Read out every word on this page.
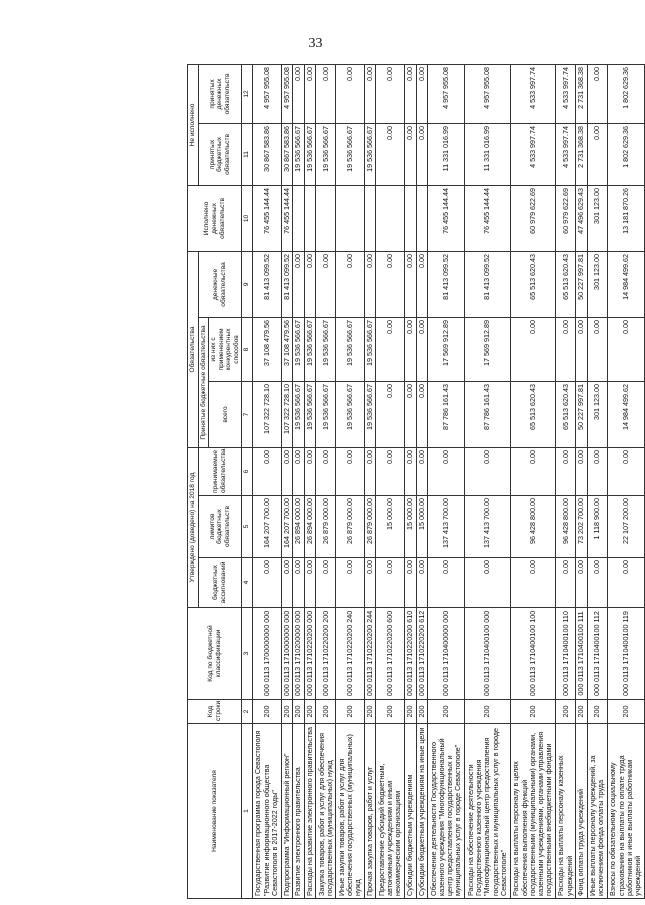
33
Наименование показателя	Код строки	Код по бюджетной классификации	Утверждено (доведено) на 2018 год			Обязательства			Исполнено денежных обязательств	Не исполнено	
			бюджетных ассигнований	лимитов бюджетных обязательств	принимаемые обязательства	Принятые бюджетные обязательства		денежные обязательства		принятых бюджетных обязательств	принятых денежных обязательств
						всего	из них с применением конкурентных способов				
1	2	3	4	5	6	7	8	9	10	11	12
Государственная программа города Севастополя "Развитие информационного общества Севастополя в 2017-2022 годы"	200	000 0113 1700000000 000	0.00	164 207 700.00	0.00	107 322 728.10	37 108 479.56	81 413 099.52	76 455 144.44	30 867 583.86	4 957 955.08
Подпрограмма "Информационный регион"	200	000 0113 1710000000 000	0.00	164 207 700.00	0.00	107 322 728.10	37 108 479.56	81 413 099.52	76 455 144.44	30 867 583.86	4 957 955.08
Развитие электронного правительства	200	000 0113 1710200000 000	0.00	26 894 000.00	0.00	19 536 566.67	19 536 566.67	0.00		19 536 566.67	0.00
Расходы на развитие электронного правительства	200	000 0113 1710220200 000	0.00	26 894 000.00	0.00	19 536 566.67	19 536 566.67	0.00		19 536 566.67	0.00
Закупка товаров, работ и услуг для обеспечения государственных (муниципальных) нужд	200	000 0113 1710220200 200	0.00	26 879 000.00	0.00	19 536 566.67	19 536 566.67	0.00		19 536 566.67	0.00
Иные закупки товаров, работ и услуг для обеспечения государственных (муниципальных) нужд	200	000 0113 1710220200 240	0.00	26 879 000.00	0.00	19 536 566.67	19 536 566.67	0.00		19 536 566.67	0.00
Прочая закупка товаров, работ и услуг	200	000 0113 1710220200 244	0.00	26 879 000.00	0.00	19 536 566.67	19 536 566.67	0.00		19 536 566.67	0.00
Предоставление субсидий бюджетным, автономным учреждениям и иным некоммерческим организациям	200	000 0113 1710220200 600	0.00	15 000.00	0.00	0.00	0.00	0.00		0.00	0.00
Субсидии бюджетным учреждениям	200	000 0113 1710220200 610	0.00	15 000.00	0.00	0.00	0.00	0.00		0.00	0.00
Субсидии бюджетным учреждениям на иные цели	200	000 0113 1710220200 612	0.00	15 000.00	0.00	0.00	0.00	0.00		0.00	0.00
Обеспечение деятельности Государственного казенного учреждения "Многофункциональный центр предоставления государственных и муниципальных услуг в городе Севастополе"	200	000 0113 1710400000 000	0.00	137 413 700.00	0.00	87 786 161.43	17 569 912.89	81 413 099.52	76 455 144.44	11 331 016.99	4 957 955.08
Расходы на обеспечение деятельности Государственного казенного учреждения "Многофункциональный центр предоставления государственных и муниципальных услуг в городе Севастополе"	200	000 0113 1710400100 000	0.00	137 413 700.00	0.00	87 786 161.43	17 569 912.89	81 413 099.52	76 455 144.44	11 331 016.99	4 957 955.08
Расходы на выплаты персоналу в целях обеспечения выполнения функций государственными (муниципальными) органами, казенными учреждениями, органами управления государственными внебюджетными фондами	200	000 0113 1710400100 100	0.00	96 428 800.00	0.00	65 513 620.43	0.00	65 513 620.43	60 979 622.69	4 533 997.74	4 533 997.74
Расходы на выплаты персоналу казенных учреждений	200	000 0113 1710400100 110	0.00	96 428 800.00	0.00	65 513 620.43	0.00	65 513 620.43	60 979 622.69	4 533 997.74	4 533 997.74
Фонд оплаты труда учреждений	200	000 0113 1710400100 111	0.00	73 202 700.00	0.00	50 227 997.81	0.00	50 227 997.81	47 496 629.43	2 731 368.38	2 731 368.38
Иные выплаты персоналу учреждений, за исключением фонда оплаты труда	200	000 0113 1710400100 112	0.00	1 118 900.00	0.00	301 123.00	0.00	301 123.00	301 123.00	0.00	0.00
Взносы по обязательному социальному страхованию на выплаты по оплате труда работников и иные выплаты работникам учреждений	200	000 0113 1710400100 119	0.00	22 107 200.00	0.00	14 984 499.62	0.00	14 984 499.62	13 181 870.26	1 802 629.36	1 802 629.36
